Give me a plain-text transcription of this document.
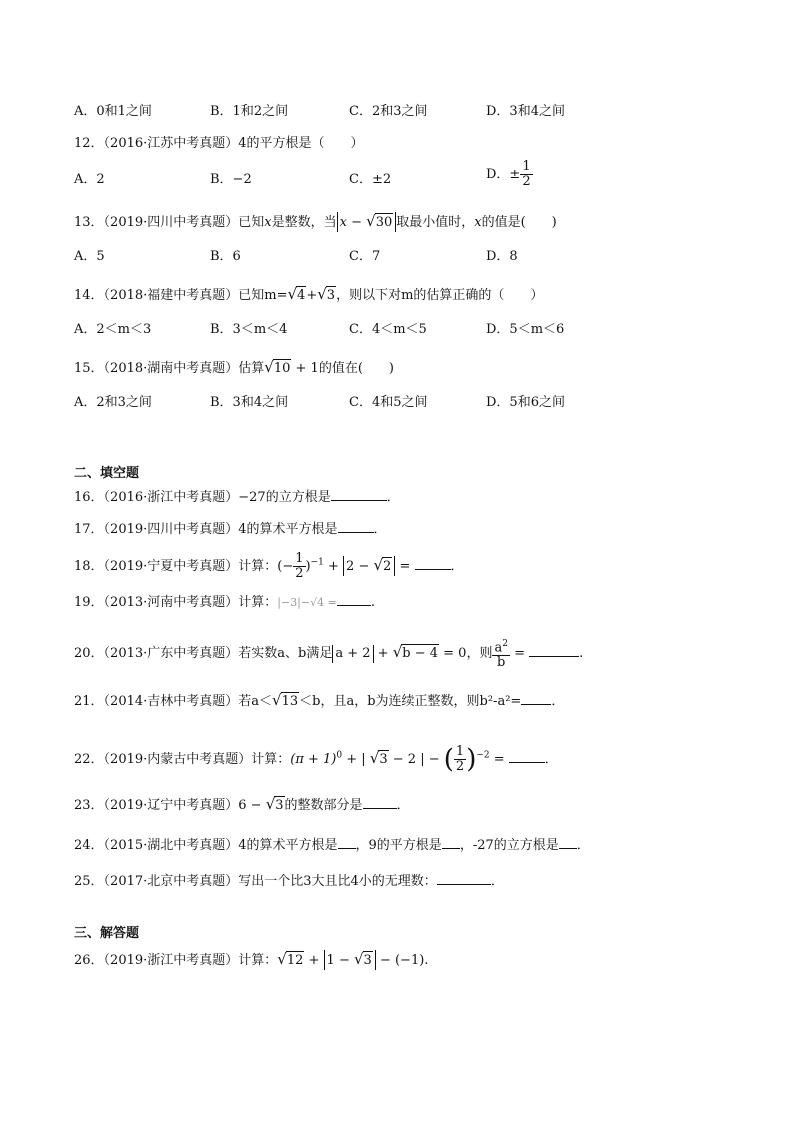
A．0和1之间	B．1和2之间	C．2和3之间	D．3和4之间
12．（2016·江苏中考真题）4的平方根是（　　）
A．2	B．−2	C．±2	D．± $\frac{1}{2}$
13．（2019·四川中考真题）已知x是整数，当 x − √30 取最小值时，x的值是(　　)
A．5	B．6	C．7	D．8
14．（2018·福建中考真题）已知m=√4+√3，则以下对m的估算正确的（　　）
A．2＜m＜3	B．3＜m＜4	C．4＜m＜5	D．5＜m＜6
15．（2018·湖南中考真题）估算√10 + 1的值在(　　)
A．2和3之间	B．3和4之间	C．4和5之间	D．5和6之间
二、填空题
16．（2016·浙江中考真题）−27的立方根是	．
17．（2019·四川中考真题）4的算术平方根是	．
18．（2019·宁夏中考真题）计算：(− $\frac{1}{2} )^{-1} + 2 - √2$ =	．
19．（2013·河南中考真题）计算：|−3|−√4 =	.
20．（2013·广东中考真题）若实数a、b满足 a + 2 + √b − 4 = 0，则 $\frac{a^2}{b}$ =	.
21．（2014·吉林中考真题）若a＜√13＜b，且a，b为连续正整数，则b²-a²= ．
22．（2019·内蒙古中考真题）计算：$(\pi + 1)^0$ + | √3 − 2 | − ( $\frac{1}{2} )^{-2}$ =	．
23．（2019·辽宁中考真题）6 − √3的整数部分是	．
24．（2015·湖北中考真题）4的算术平方根是 ，9的平方根是 ，-27的立方根是 ．
25．（2017·北京中考真题）写出一个比3大且比4小的无理数：	．
三、解答题
26．（2019·浙江中考真题）计算：√12 + 1 − √3 − (−1).
